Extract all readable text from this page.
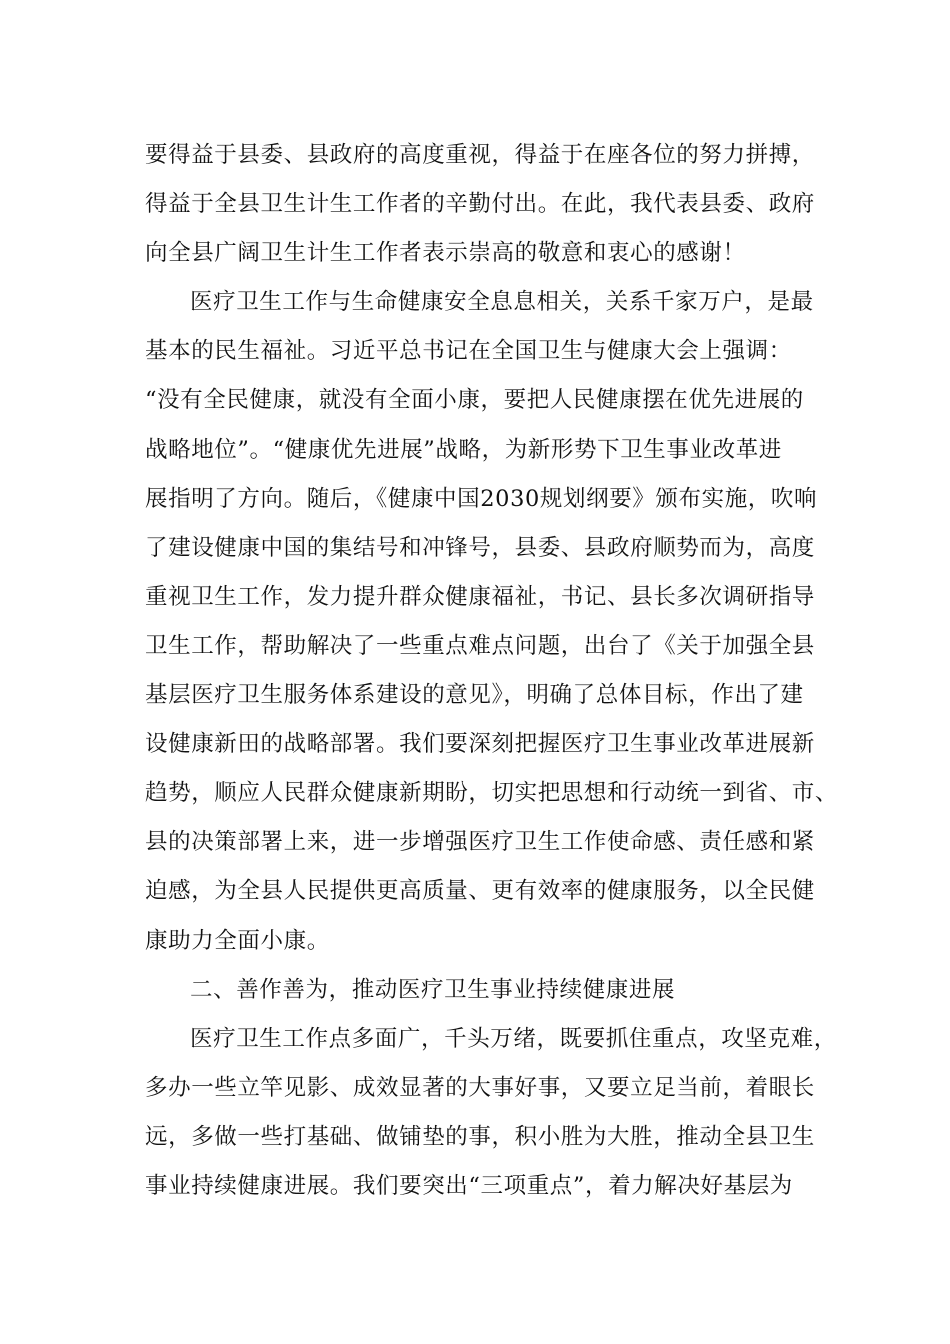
要得益于县委、县政府的高度重视，得益于在座各位的努力拼搏，
得益于全县卫生计生工作者的辛勤付出。在此，我代表县委、政府
向全县广阔卫生计生工作者表示崇高的敬意和衷心的感谢！
医疗卫生工作与生命健康安全息息相关，关系千家万户，是最
基本的民生福祉。习近平总书记在全国卫生与健康大会上强调：
“没有全民健康，就没有全面小康，要把人民健康摆在优先进展的
战略地位”。“健康优先进展”战略，为新形势下卫生事业改革进
展指明了方向。随后，《健康中国2030规划纲要》颁布实施，吹响
了建设健康中国的集结号和冲锋号，县委、县政府顺势而为，高度
重视卫生工作，发力提升群众健康福祉，书记、县长多次调研指导
卫生工作，帮助解决了一些重点难点问题，出台了《关于加强全县
基层医疗卫生服务体系建设的意见》，明确了总体目标，作出了建
设健康新田的战略部署。我们要深刻把握医疗卫生事业改革进展新
趋势，顺应人民群众健康新期盼，切实把思想和行动统一到省、市、
县的决策部署上来，进一步增强医疗卫生工作使命感、责任感和紧
迫感，为全县人民提供更高质量、更有效率的健康服务，以全民健
康助力全面小康。
二、善作善为，推动医疗卫生事业持续健康进展
医疗卫生工作点多面广，千头万绪，既要抓住重点，攻坚克难，
多办一些立竿见影、成效显著的大事好事，又要立足当前，着眼长
远，多做一些打基础、做铺垫的事，积小胜为大胜，推动全县卫生
事业持续健康进展。我们要突出“三项重点”，着力解决好基层为
